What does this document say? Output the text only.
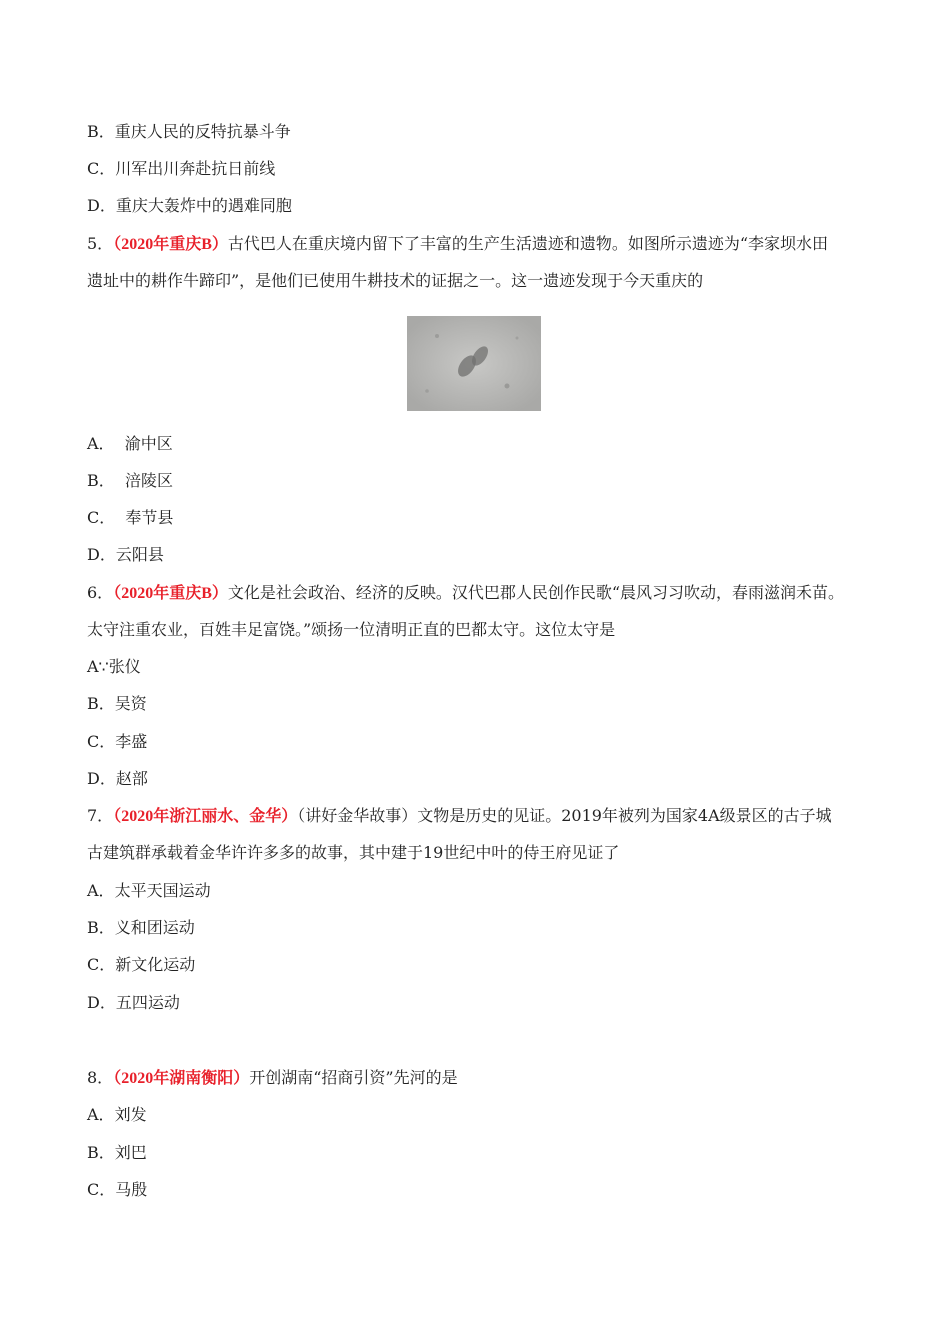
B．重庆人民的反特抗暴斗争
C．川军出川奔赴抗日前线
D．重庆大轰炸中的遇难同胞
5．（2020年重庆B）古代巴人在重庆境内留下了丰富的生产生活遗迹和遗物。如图所示遗迹为“李家坝水田
遗址中的耕作牛蹄印”，是他们已使用牛耕技术的证据之一。这一遗迹发现于今天重庆的
A．  渝中区
B．  涪陵区
C．  奉节县
D．云阳县
6．（2020年重庆B）文化是社会政治、经济的反映。汉代巴郡人民创作民歌“晨风习习吹动，春雨滋润禾苗。
太守注重农业，百姓丰足富饶。”颂扬一位清明正直的巴都太守。这位太守是
A∵张仪
B．吴资
C．李盛
D．赵部
7．（2020年浙江丽水、金华）（讲好金华故事）文物是历史的见证。2019年被列为国家4A级景区的古子城
古建筑群承载着金华许许多多的故事，其中建于19世纪中叶的侍王府见证了
A．太平天国运动
B．义和团运动
C．新文化运动
D．五四运动
8．（2020年湖南衡阳）开创湖南“招商引资”先河的是
A．刘发
B．刘巴
C．马殷
